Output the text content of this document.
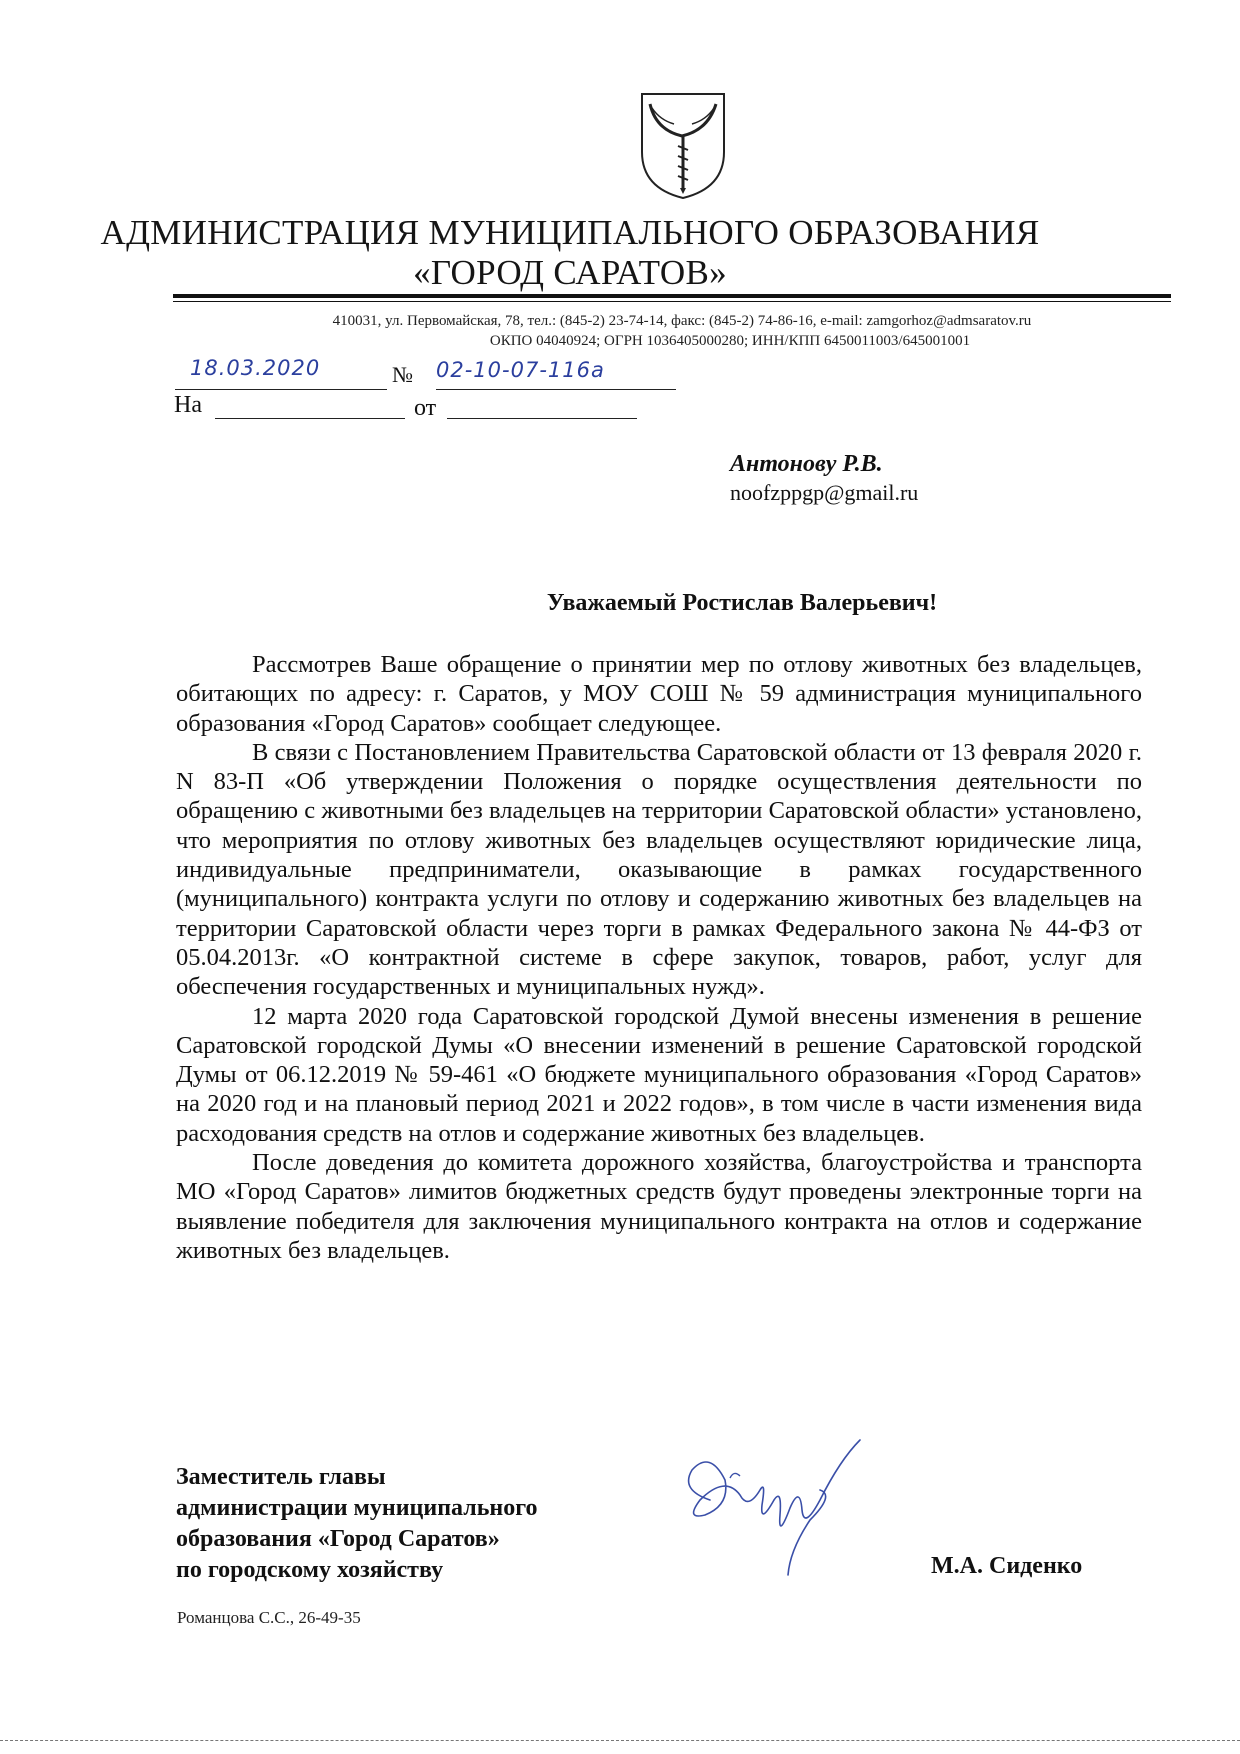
АДМИНИСТРАЦИЯ МУНИЦИПАЛЬНОГО ОБРАЗОВАНИЯ
«ГОРОД САРАТОВ»
410031, ул. Первомайская, 78, тел.: (845-2) 23-74-14, факс: (845-2) 74-86-16, e-mail: zamgorhoz@admsaratov.ru
ОКПО 04040924; ОГРН 1036405000280; ИНН/КПП 6450011003/645001001
18.03.2020	№ 02-10-07-116а
На	от
Антонову Р.В.
noofzppgp@gmail.ru
Уважаемый Ростислав Валерьевич!

Рассмотрев Ваше обращение о принятии мер по отлову животных без владельцев, обитающих по адресу: г. Саратов, у МОУ СОШ № 59 администрация муниципального образования «Город Саратов» сообщает следующее.

В связи с Постановлением Правительства Саратовской области от 13 февраля 2020 г. N 83-П «Об утверждении Положения о порядке осуществления деятельности по обращению с животными без владельцев на территории Саратовской области» установлено, что мероприятия по отлову животных без владельцев осуществляют юридические лица, индивидуальные предприниматели, оказывающие в рамках государственного (муниципального) контракта услуги по отлову и содержанию животных без владельцев на территории Саратовской области через торги в рамках Федерального закона № 44-ФЗ от 05.04.2013г. «О контрактной системе в сфере закупок, товаров, работ, услуг для обеспечения государственных и муниципальных нужд».

12 марта 2020 года Саратовской городской Думой внесены изменения в решение Саратовской городской Думы «О внесении изменений в решение Саратовской городской Думы от 06.12.2019 № 59-461 «О бюджете муниципального образования «Город Саратов» на 2020 год и на плановый период 2021 и 2022 годов», в том числе в части изменения вида расходования средств на отлов и содержание животных без владельцев.

После доведения до комитета дорожного хозяйства, благоустройства и транспорта МО «Город Саратов» лимитов бюджетных средств будут проведены электронные торги на выявление победителя для заключения муниципального контракта на отлов и содержание животных без владельцев.

Заместитель главы
администрации муниципального
образования «Город Саратов»
по городскому хозяйству	М.А. Сиденко
Романцова С.С., 26-49-35
